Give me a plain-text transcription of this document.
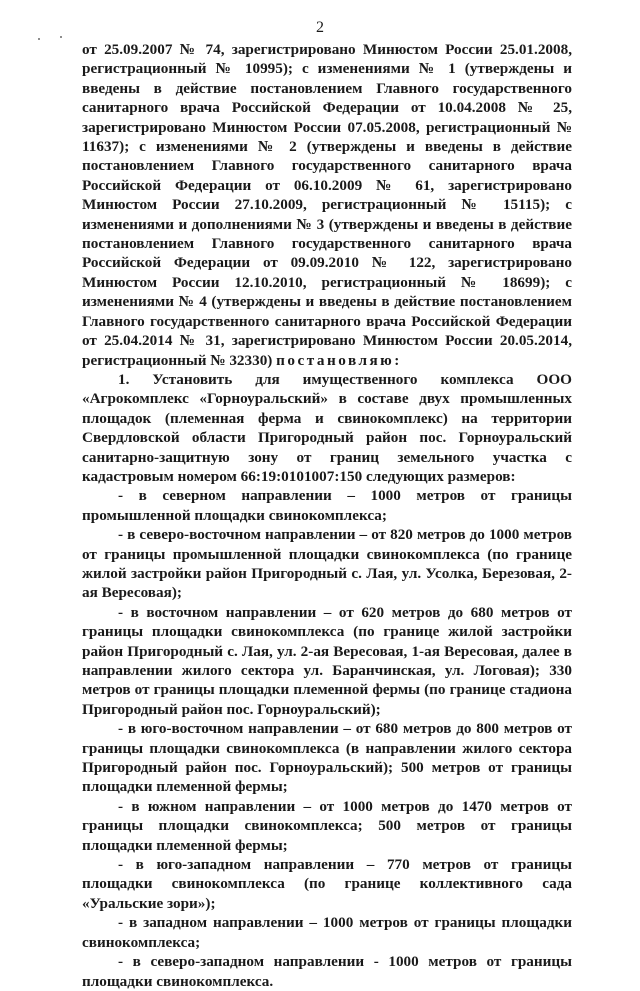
2

от 25.09.2007 № 74, зарегистрировано Минюстом России 25.01.2008, регистрационный № 10995); с изменениями № 1 (утверждены и введены в действие постановлением Главного государственного санитарного врача Российской Федерации от 10.04.2008 № 25, зарегистрировано Минюстом России 07.05.2008, регистрационный № 11637); с изменениями № 2 (утверждены и введены в действие постановлением Главного государственного санитарного врача Российской Федерации от 06.10.2009 № 61, зарегистрировано Минюстом России 27.10.2009, регистрационный № 15115); с изменениями и дополнениями № 3 (утверждены и введены в действие постановлением Главного государственного санитарного врача Российской Федерации от 09.09.2010 № 122, зарегистрировано Минюстом России 12.10.2010, регистрационный № 18699); с изменениями № 4 (утверждены и введены в действие постановлением Главного государственного санитарного врача Российской Федерации от 25.04.2014 № 31, зарегистрировано Минюстом России 20.05.2014, регистрационный № 32330) постановляю:

1. Установить для имущественного комплекса ООО «Агрокомплекс «Горноуральский» в составе двух промышленных площадок (племенная ферма и свинокомплекс) на территории Свердловской области Пригородный район пос. Горноуральский санитарно-защитную зону от границ земельного участка с кадастровым номером 66:19:0101007:150 следующих размеров:

- в северном направлении – 1000 метров от границы промышленной площадки свинокомплекса;

- в северо-восточном направлении – от 820 метров до 1000 метров от границы промышленной площадки свинокомплекса (по границе жилой застройки район Пригородный с. Лая, ул. Усолка, Березовая, 2-ая Вересовая);

- в восточном направлении – от 620 метров до 680 метров от границы площадки свинокомплекса (по границе жилой застройки район Пригородный с. Лая, ул. 2-ая Вересовая, 1-ая Вересовая, далее в направлении жилого сектора ул. Баранчинская, ул. Логовая); 330 метров от границы площадки племенной фермы (по границе стадиона Пригородный район пос. Горноуральский);

- в юго-восточном направлении – от 680 метров до 800 метров от границы площадки свинокомплекса (в направлении жилого сектора Пригородный район пос. Горноуральский); 500 метров от границы площадки племенной фермы;

- в южном направлении – от 1000 метров до 1470 метров от границы площадки свинокомплекса; 500 метров от границы площадки племенной фермы;

- в юго-западном направлении – 770 метров от границы площадки свинокомплекса (по границе коллективного сада «Уральские зори»);

- в западном направлении – 1000 метров от границы площадки свинокомплекса;

- в северо-западном направлении - 1000 метров от границы площадки свинокомплекса.
